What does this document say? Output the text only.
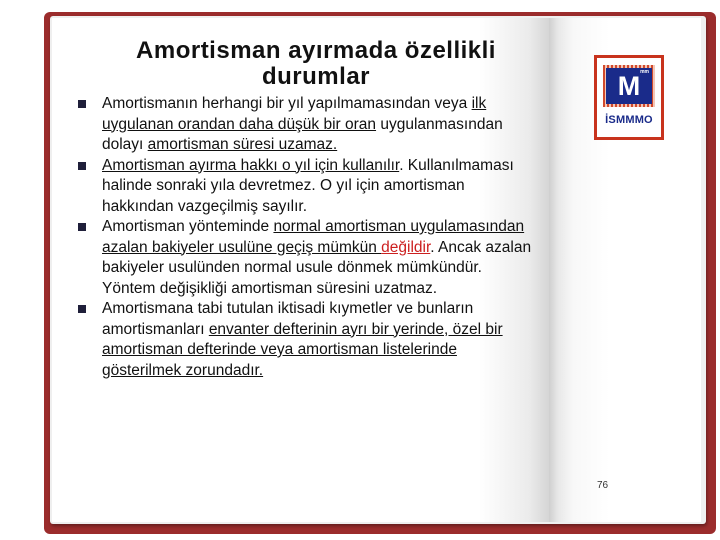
Amortisman ayırmada özellikli durumlar
Amortismanın herhangi bir yıl yapılmamasından veya ilk uygulanan orandan daha düşük bir oran uygulanmasından dolayı amortisman süresi uzamaz.
Amortisman ayırma hakkı o yıl için kullanılır. Kullanılmaması halinde sonraki yıla devretmez. O yıl için amortisman hakkından vazgeçilmiş sayılır.
Amortisman yönteminde normal amortisman uygulamasından azalan bakiyeler usulüne geçiş mümkün değildir. Ancak azalan bakiyeler usulünden normal usule dönmek mümkündür. Yöntem değişikliği amortisman süresini uzatmaz.
Amortismana tabi tutulan iktisadi kıymetler ve bunların amortismanları envanter defterinin ayrı bir yerinde, özel bir amortisman defterinde veya amortisman listelerinde gösterilmek zorundadır.
M mm
İSMMMO
76
